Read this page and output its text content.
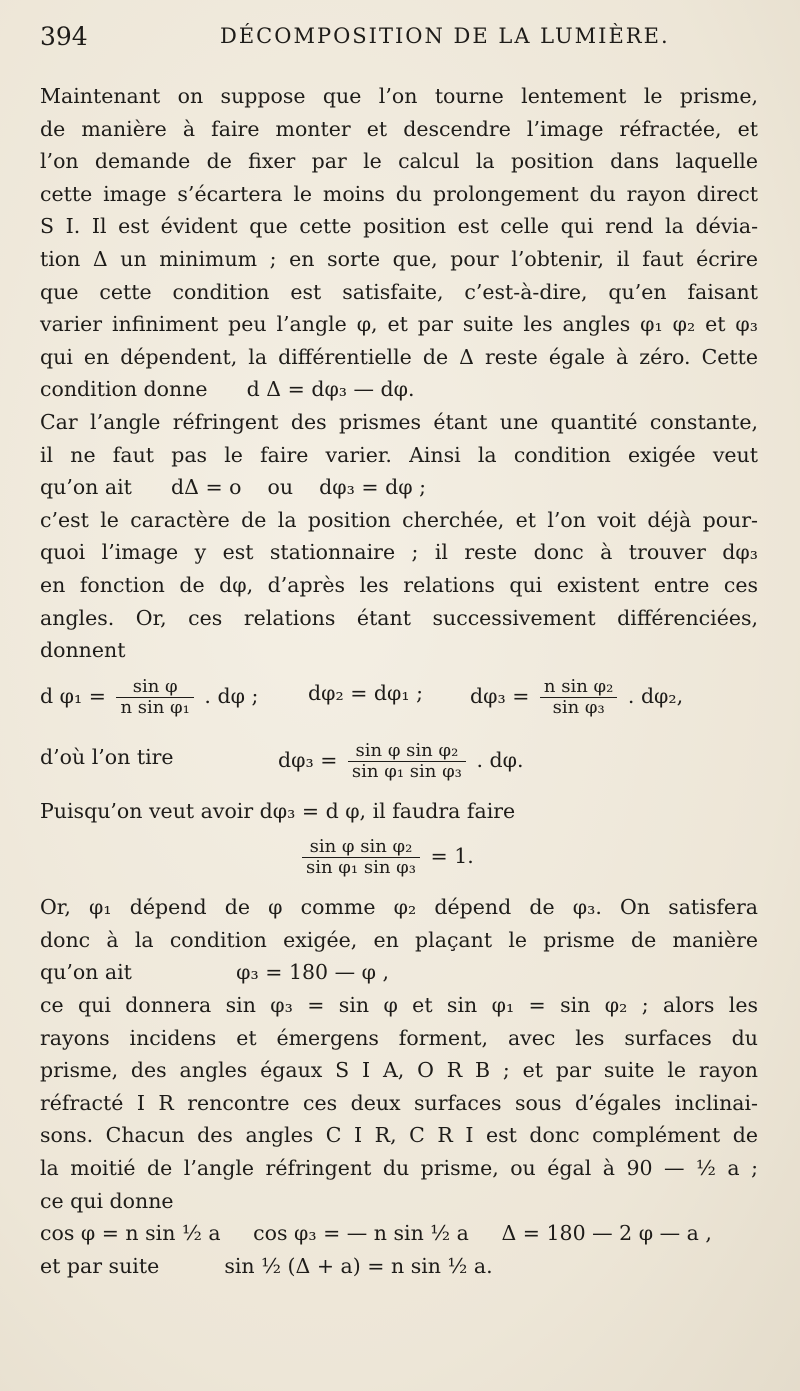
394	DÉCOMPOSITION DE LA LUMIÈRE.
Maintenant on suppose que l’on tourne lentement le prisme,
de manière à faire monter et descendre l’image réfractée, et
l’on demande de fixer par le calcul la position dans laquelle
cette image s’écartera le moins du prolongement du rayon direct
S I. Il est évident que cette position est celle qui rend la dévia-
tion Δ un minimum ; en sorte que, pour l’obtenir, il faut écrire
que cette condition est satisfaite, c’est-à-dire, qu’en faisant
varier infiniment peu l’angle φ, et par suite les angles φ₁ φ₂ et φ₃
qui en dépendent, la différentielle de Δ reste égale à zéro. Cette
condition donne      d Δ = dφ₃ — dφ.
Car l’angle réfringent des prismes étant une quantité constante,
il ne faut pas le faire varier. Ainsi la condition exigée veut
qu’on ait      dΔ = o    ou    dφ₃ = dφ ;
c’est le caractère de la position cherchée, et l’on voit déjà pour-
quoi l’image y est stationnaire ; il reste donc à trouver dφ₃
en fonction de dφ, d’après les relations qui existent entre ces
angles. Or, ces relations étant successivement différenciées,
donnent
d $\varphi_1 = \frac{\text{sin φ}}{\text{n sin φ₁}}$ . dφ ; dφ₂ = dφ₁ ; $d\varphi_3 = \frac{\text{n sin φ₂}}{\text{sin φ₃}}$ . dφ₂,
d’où l’on tire	$d\varphi_3 = \frac{\text{sin φ sin φ₂}}{\text{sin φ₁ sin φ₃}}$ . dφ.
Puisqu’on veut avoir dφ₃ = d φ, il faudra faire
$\frac{\text{sin φ sin φ₂}}{\text{sin φ₁ sin φ₃}} = 1$.
Or, φ₁ dépend de φ comme φ₂ dépend de φ₃. On satisfera
donc à la condition exigée, en plaçant le prisme de manière
qu’on ait                φ₃ = 180 — φ ,
ce qui donnera sin φ₃ = sin φ et sin φ₁ = sin φ₂ ; alors les
rayons incidens et émergens forment, avec les surfaces du
prisme, des angles égaux S I A, O R B ; et par suite le rayon
réfracté I R rencontre ces deux surfaces sous d’égales inclinai-
sons. Chacun des angles C I R, C R I est donc complément de
la moitié de l’angle réfringent du prisme, ou égal à 90 — ½ a ;
ce qui donne
cos φ = n sin ½ a     cos φ₃ = — n sin ½ a     Δ = 180 — 2 φ — a ,
et par suite          sin ½ (Δ + a) = n sin ½ a.
